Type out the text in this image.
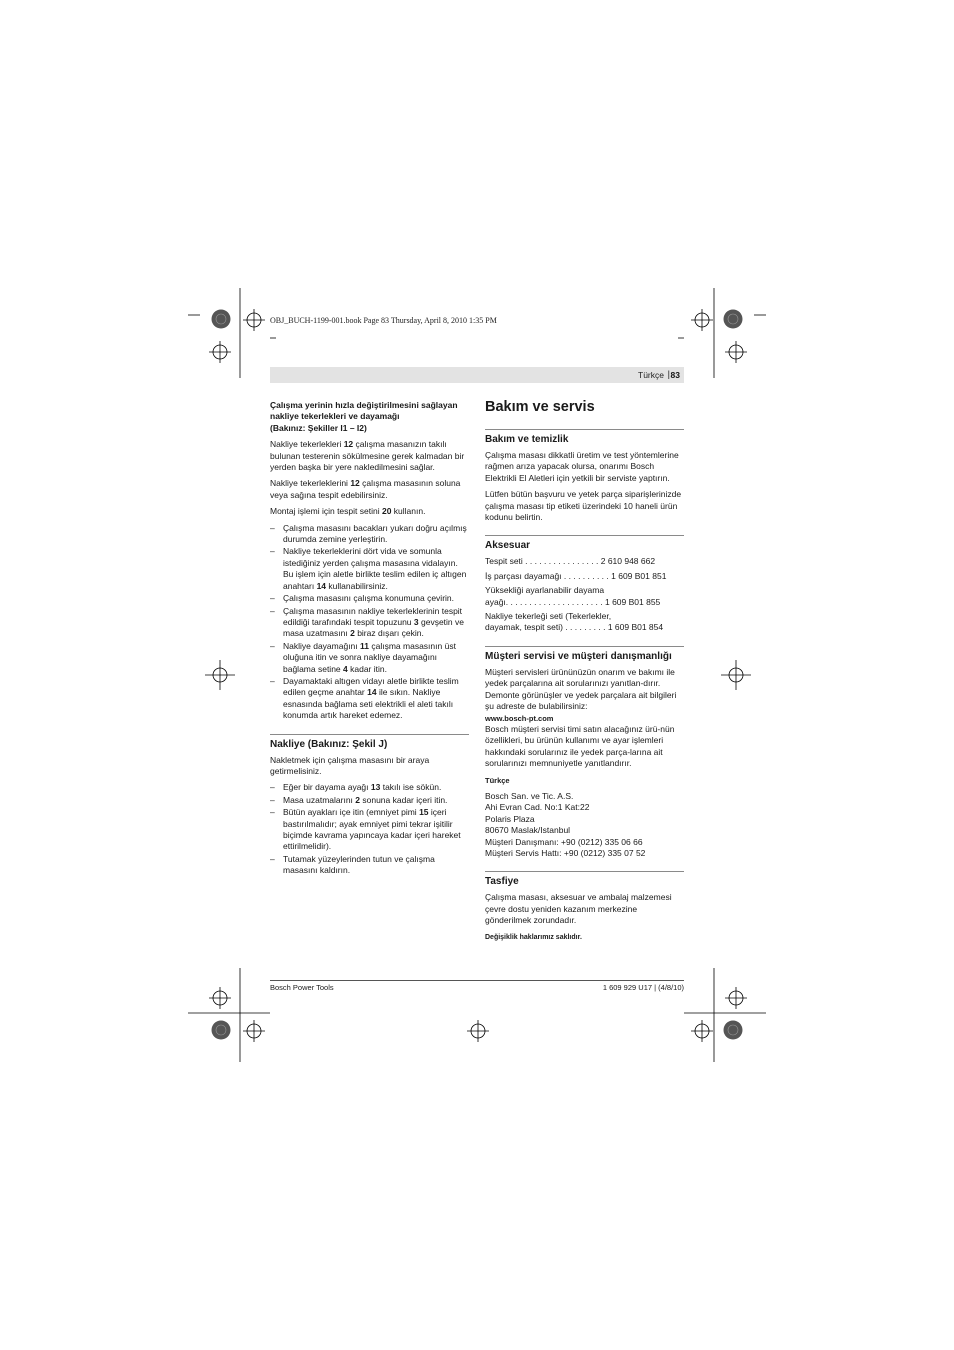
OBJ_BUCH-1199-001.book Page 83 Thursday, April 8, 2010 1:35 PM
Türkçe | 83
Çalışma yerinin hızla değiştirilmesini sağlayan
nakliye tekerlekleri ve dayamağı
(Bakınız: Şekiller I1 – I2)

Nakliye tekerlekleri 12 çalışma masanızın takılı bulunan testerenin sökülmesine gerek kalmadan bir yerden başka bir yere nakledilmesini sağlar.

Nakliye tekerleklerini 12 çalışma masasının soluna veya sağına tespit edebilirsiniz.

Montaj işlemi için tespit setini 20 kullanın.

– Çalışma masasını bacakları yukarı doğru açılmış durumda zemine yerleştirin.
– Nakliye tekerleklerini dört vida ve somunla istediğiniz yerden çalışma masasına vidalayın.
Bu işlem için aletle birlikte teslim edilen iç altıgen anahtarı 14 kullanabilirsiniz.
– Çalışma masasını çalışma konumuna çevirin.
– Çalışma masasının nakliye tekerleklerinin tespit edildiği tarafındaki tespit topuzunu 3 gevşetin ve masa uzatmasını 2 biraz dışarı çekin.
– Nakliye dayamağını 11 çalışma masasının üst oluğuna itin ve sonra nakliye dayamağını bağlama setine 4 kadar itin.
– Dayamaktaki altıgen vidayı aletle birlikte teslim edilen geçme anahtar 14 ile sıkın. Nakliye esnasında bağlama seti elektrikli el aleti takılı konumda artık hareket edemez.
Nakliye (Bakınız: Şekil J)

Nakletmek için çalışma masasını bir araya getirmelisiniz.

– Eğer bir dayama ayağı 13 takılı ise sökün.
– Masa uzatmalarını 2 sonuna kadar içeri itin.
– Bütün ayakları içe itin (emniyet pimi 15 içeri bastırılmalıdır; ayak emniyet pimi tekrar işitilir biçimde kavrama yapıncaya kadar içeri hareket ettirilmelidir).
– Tutamak yüzeylerinden tutun ve çalışma masasını kaldırın.
Bakım ve servis
Bakım ve temizlik

Çalışma masası dikkatli üretim ve test yöntemlerine rağmen arıza yapacak olursa, onarımı Bosch Elektrikli El Aletleri için yetkili bir serviste yaptırın.

Lütfen bütün başvuru ve yetek parça siparişlerinizde çalışma masası tip etiketi üzerindeki 10 haneli ürün kodunu belirtin.

Aksesuar
Tespit seti . . . . . . . . . . . . . . . . 2 610 948 662
İş parçası dayamağı . . . . . . . . . . 1 609 B01 851
Yüksekliği ayarlanabilir dayama
ayağı. . . . . . . . . . . . . . . . . . . . . 1 609 B01 855
Nakliye tekerleği seti (Tekerlekler,
dayamak, tespit seti) . . . . . . . . . 1 609 B01 854
Müşteri servisi ve müşteri danışmanlığı
Müşteri servisleri ürününüzün onarım ve bakımı ile yedek parçalarına ait sorularınızı yanıtlan-dırır. Demonte görünüşler ve yedek parçalara ait bilgileri şu adreste de bulabilirsiniz:
www.bosch-pt.com

Bosch müşteri servisi timi satın alacağınız ürü-nün özellikleri, bu ürünün kullanımı ve ayar işlemleri hakkındaki sorularınız ile yedek parça-larına ait sorularınızı memnuniyetle yanıtlandırır.

Türkçe

Bosch San. ve Tic. A.S.
Ahi Evran Cad. No:1 Kat:22
Polaris Plaza
80670 Maslak/Istanbul
Müşteri Danışmanı: +90 (0212) 335 06 66
Müşteri Servis Hattı: +90 (0212) 335 07 52

Tasfiye

Çalışma masası, aksesuar ve ambalaj malzemesi çevre dostu yeniden kazanım merkezine gönderilmek zorundadır.

Değişiklik haklarımız saklıdır.

Bosch Power Tools	1 609 929 U17 | (4/8/10)
